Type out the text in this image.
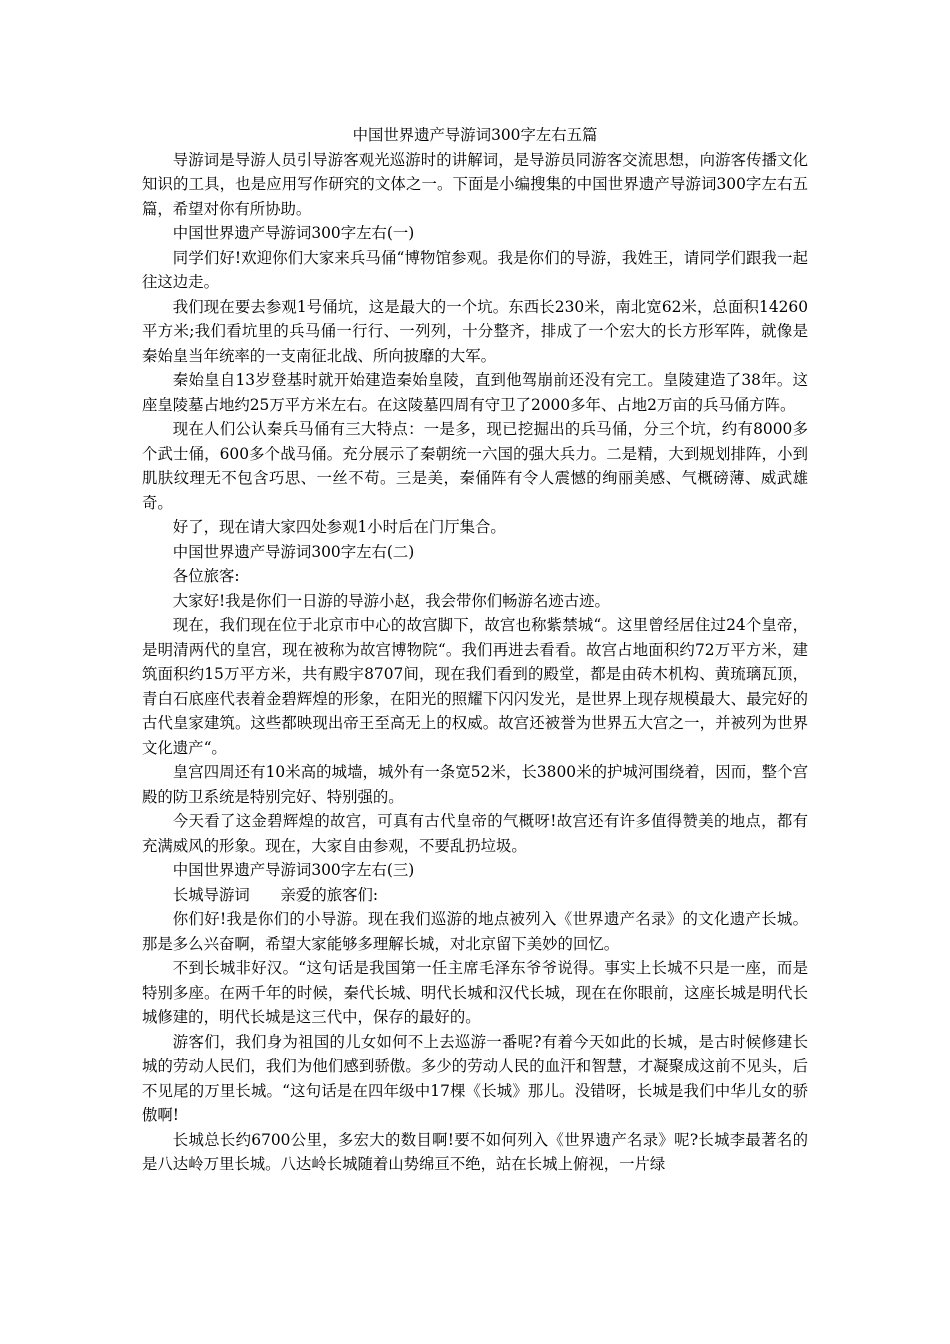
中国世界遗产导游词300字左右五篇

导游词是导游人员引导游客观光巡游时的讲解词，是导游员同游客交流思想，向游客传播文化知识的工具，也是应用写作研究的文体之一。下面是小编搜集的中国世界遗产导游词300字左右五篇，希望对你有所协助。

中国世界遗产导游词300字左右(一)

同学们好!欢迎你们大家来兵马俑“博物馆参观。我是你们的导游，我姓王，请同学们跟我一起往这边走。

我们现在要去参观1号俑坑，这是最大的一个坑。东西长230米，南北宽62米，总面积14260平方米;我们看坑里的兵马俑一行行、一列列，十分整齐，排成了一个宏大的长方形军阵，就像是秦始皇当年统率的一支南征北战、所向披靡的大军。

秦始皇自13岁登基时就开始建造秦始皇陵，直到他驾崩前还没有完工。皇陵建造了38年。这座皇陵墓占地约25万平方米左右。在这陵墓四周有守卫了2000多年、占地2万亩的兵马俑方阵。

现在人们公认秦兵马俑有三大特点：一是多，现已挖掘出的兵马俑，分三个坑，约有8000多个武士俑，600多个战马俑。充分展示了秦朝统一六国的强大兵力。二是精，大到规划排阵，小到肌肤纹理无不包含巧思、一丝不苟。三是美，秦俑阵有令人震憾的绚丽美感、气概磅薄、威武雄奇。

好了，现在请大家四处参观1小时后在门厅集合。

中国世界遗产导游词300字左右(二)

各位旅客:

大家好!我是你们一日游的导游小赵，我会带你们畅游名迹古迹。

现在，我们现在位于北京市中心的故宫脚下，故宫也称紫禁城“。这里曾经居住过24个皇帝，是明清两代的皇宫，现在被称为故宫博物院“。我们再进去看看。故宫占地面积约72万平方米，建筑面积约15万平方米，共有殿宇8707间，现在我们看到的殿堂，都是由砖木机构、黄琉璃瓦顶，青白石底座代表着金碧辉煌的形象，在阳光的照耀下闪闪发光，是世界上现存规模最大、最完好的古代皇家建筑。这些都映现出帝王至高无上的权威。故宫还被誉为世界五大宫之一，并被列为世界文化遗产“。

皇宫四周还有10米高的城墙，城外有一条宽52米，长3800米的护城河围绕着，因而，整个宫殿的防卫系统是特别完好、特别强的。

今天看了这金碧辉煌的故宫，可真有古代皇帝的气概呀!故宫还有许多值得赞美的地点，都有充满威风的形象。现在，大家自由参观，不要乱扔垃圾。

中国世界遗产导游词300字左右(三)

长城导游词　　亲爱的旅客们:

你们好!我是你们的小导游。现在我们巡游的地点被列入《世界遗产名录》的文化遗产长城。那是多么兴奋啊，希望大家能够多理解长城，对北京留下美妙的回忆。

不到长城非好汉。“这句话是我国第一任主席毛泽东爷爷说得。事实上长城不只是一座，而是特别多座。在两千年的时候，秦代长城、明代长城和汉代长城，现在在你眼前，这座长城是明代长城修建的，明代长城是这三代中，保存的最好的。

游客们，我们身为祖国的儿女如何不上去巡游一番呢?有着今天如此的长城，是古时候修建长城的劳动人民们，我们为他们感到骄傲。多少的劳动人民的血汗和智慧，才凝聚成这前不见头，后不见尾的万里长城。“这句话是在四年级中17棵《长城》那儿。没错呀，长城是我们中华儿女的骄傲啊!

长城总长约6700公里，多宏大的数目啊!要不如何列入《世界遗产名录》呢?长城李最著名的是八达岭万里长城。八达岭长城随着山势绵亘不绝，站在长城上俯视，一片绿
